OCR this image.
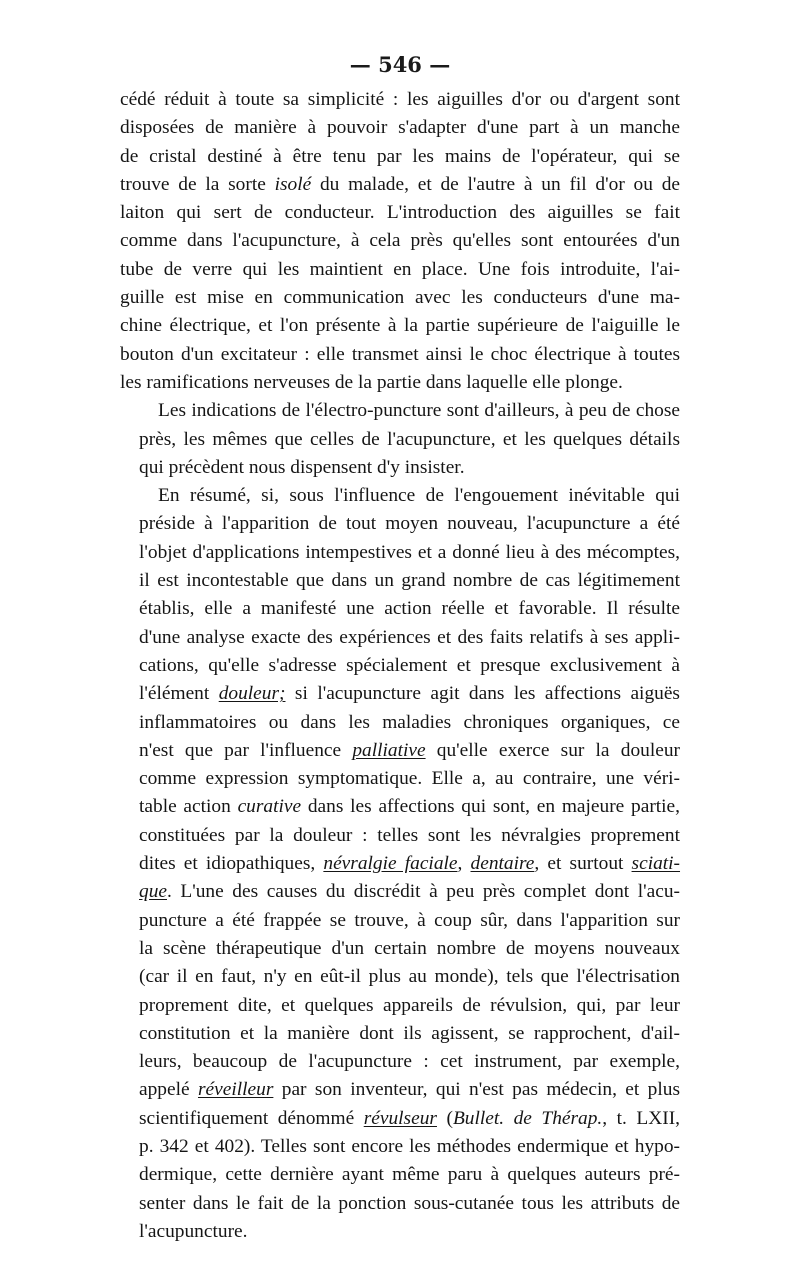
— 546 —
cédé réduit à toute sa simplicité : les aiguilles d'or ou d'argent sont
disposées de manière à pouvoir s'adapter d'une part à un manche
de cristal destiné à être tenu par les mains de l'opérateur, qui se
trouve de la sorte isolé du malade, et de l'autre à un fil d'or ou de
laiton qui sert de conducteur. L'introduction des aiguilles se fait
comme dans l'acupuncture, à cela près qu'elles sont entourées d'un
tube de verre qui les maintient en place. Une fois introduite, l'ai-
guille est mise en communication avec les conducteurs d'une ma-
chine électrique, et l'on présente à la partie supérieure de l'aiguille le
bouton d'un excitateur : elle transmet ainsi le choc électrique à toutes
les ramifications nerveuses de la partie dans laquelle elle plonge.
Les indications de l'électro-puncture sont d'ailleurs, à peu de chose
près, les mêmes que celles de l'acupuncture, et les quelques détails
qui précèdent nous dispensent d'y insister.
En résumé, si, sous l'influence de l'engouement inévitable qui
préside à l'apparition de tout moyen nouveau, l'acupuncture a été
l'objet d'applications intempestives et a donné lieu à des mécomptes,
il est incontestable que dans un grand nombre de cas légitimement
établis, elle a manifesté une action réelle et favorable. Il résulte
d'une analyse exacte des expériences et des faits relatifs à ses appli-
cations, qu'elle s'adresse spécialement et presque exclusivement à
l'élément douleur; si l'acupuncture agit dans les affections aiguës
inflammatoires ou dans les maladies chroniques organiques, ce
n'est que par l'influence palliative qu'elle exerce sur la douleur
comme expression symptomatique. Elle a, au contraire, une véri-
table action curative dans les affections qui sont, en majeure partie,
constituées par la douleur : telles sont les névralgies proprement
dites et idiopathiques, névralgie faciale, dentaire, et surtout sciati-
que. L'une des causes du discrédit à peu près complet dont l'acu-
puncture a été frappée se trouve, à coup sûr, dans l'apparition sur
la scène thérapeutique d'un certain nombre de moyens nouveaux
(car il en faut, n'y en eût-il plus au monde), tels que l'électrisation
proprement dite, et quelques appareils de révulsion, qui, par leur
constitution et la manière dont ils agissent, se rapprochent, d'ail-
leurs, beaucoup de l'acupuncture : cet instrument, par exemple,
appelé réveilleur par son inventeur, qui n'est pas médecin, et plus
scientifiquement dénommé révulseur (Bullet. de Thérap., t. LXII,
p. 342 et 402). Telles sont encore les méthodes endermique et hypo-
dermique, cette dernière ayant même paru à quelques auteurs pré-
senter dans le fait de la ponction sous-cutanée tous les attributs de
l'acupuncture.
